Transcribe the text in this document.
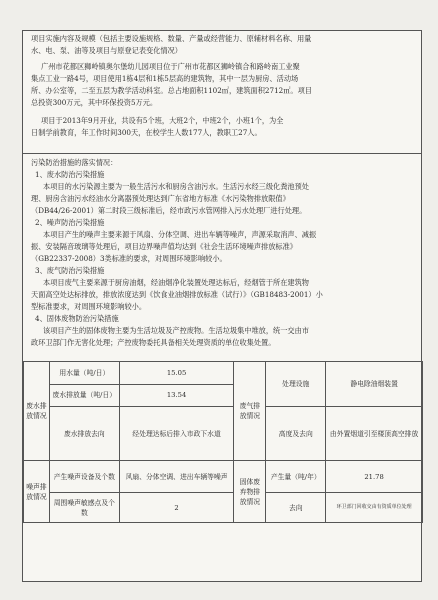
项目实施内容及规模（包括主要设施规格、数量、产量或经营能力、原辅材料名称、用量
水、电、泵、油等及项目与原登记表变化情况）
广州市花都区狮岭镇奥尔堡幼儿园项目位于广州市花都区狮岭镇合和路岭南工业聚
集点工业一路4号，项目使用1栋4层和1栋5层高的建筑物，其中一层为厨房、活动场
所、办公室等，二至五层为教学活动科室。总占地面积1102㎡，建筑面积2712㎡。项目
总投资300万元，其中环保投资5万元。
项目于2013年9月开业，共设有5个班，大班2个，中班2个，小班1个，为全
日制学前教育，年工作时间300天，在校学生人数177人，教职工27人。
污染防治措施的落实情况：
1、废水防治污染措施
本项目的水污染源主要为一般生活污水和厨房含油污水。生活污水经三级化粪池预处
理、厨房含油污水经油水分离器预处理达到广东省地方标准《水污染物排放限值》
（DB44/26-2001）第二时段三级标准后，经市政污水管网排入污水处理厂进行处理。
2、噪声防治污染措施
本项目产生的噪声主要来源于风扇、分体空调、进出车辆等噪声，声源采取消声、减振
振、安装隔音玻璃等处理后，项目边界噪声值均达到《社会生活环境噪声排放标准》
（GB22337-2008）3类标准的要求，对周围环境影响较小。
3、废气防治污染措施
本项目废气主要来源于厨房油烟，经油烟净化装置处理达标后，经烟管于所在建筑物
天面高空处达标排放，排放浓度达到《饮食业油烟排放标准（试行）》（GB18483-2001）小
型标准要求，对周围环境影响较小。
4、固体废物防治污染措施
该项目产生的固体废物主要为生活垃圾及产控废物。生活垃圾集中堆放，统一交由市
政环卫部门作无害化处理；产控废物委托具备相关处理资质的单位收集处置。
废水排放情况	用水量（吨/日）	15.05	废气排放情况	处理设施	静电除油烟装置
	废水排放量（吨/日）	13.54			
	废水排放去向	经处理达标后排入市政下水道		高度及去向	由外置烟道引至楼顶高空排放
噪声排放情况	产生噪声设备及个数	风扇、分体空调、进出车辆等噪声	固体废弃物排放情况	产生量（吨/年）	21.78
	周围噪声敏感点及个数	2		去向	环卫部门回收交由有资质单位处理
